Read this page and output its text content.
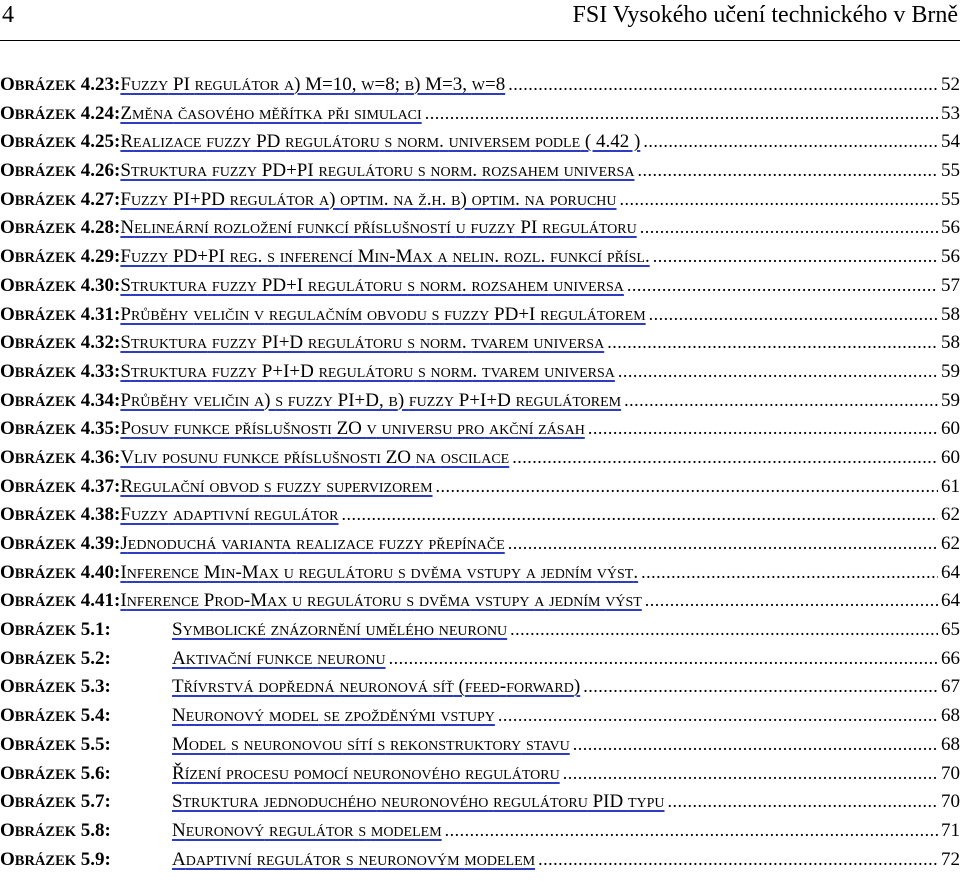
4	FSI Vysokého učení technického v Brně
OBRÁZEK 4.23: FUZZY PI REGULÁTOR A) M=10, W=8; B) M=3, W=8 .....	52
OBRÁZEK 4.24: ZMĚNA ČASOVÉHO MĚŘÍTKA PŘI SIMULACI .....	53
OBRÁZEK 4.25: REALIZACE FUZZY PD REGULÁTORU S NORM. UNIVERSEM PODLE ( 4.42 ) .....	54
OBRÁZEK 4.26: STRUKTURA FUZZY PD+PI REGULÁTORU S NORM. ROZSAHEM UNIVERSA .....	55
OBRÁZEK 4.27: FUZZY PI+PD REGULÁTOR A) OPTIM. NA Ž.H. B) OPTIM. NA PORUCHU .....	55
OBRÁZEK 4.28: NELINEÁRNÍ ROZLOŽENÍ FUNKCÍ PŘÍSLUŠNOSTÍ U FUZZY PI REGULÁTORU .....	56
OBRÁZEK 4.29: FUZZY PD+PI REG. S INFERENCÍ MIN-MAX A NELIN. ROZL. FUNKCÍ PŘÍSL. .....	56
OBRÁZEK 4.30: STRUKTURA FUZZY PD+I REGULÁTORU S NORM. ROZSAHEM UNIVERSA .....	57
OBRÁZEK 4.31: PRŮBĚHY VELIČIN V REGULAČNÍM OBVODU S FUZZY PD+I REGULÁTOREM .....	58
OBRÁZEK 4.32: STRUKTURA FUZZY PI+D REGULÁTORU S NORM. TVAREM UNIVERSA .....	58
OBRÁZEK 4.33: STRUKTURA FUZZY P+I+D REGULÁTORU S NORM. TVAREM UNIVERSA .....	59
OBRÁZEK 4.34: PRŮBĚHY VELIČIN A) S FUZZY PI+D, B) FUZZY P+I+D REGULÁTOREM .....	59
OBRÁZEK 4.35: POSUV FUNKCE PŘÍSLUŠNOSTI ZO V UNIVERSU PRO AKČNÍ ZÁSAH .....	60
OBRÁZEK 4.36: VLIV POSUNU FUNKCE PŘÍSLUŠNOSTI ZO NA OSCILACE .....	60
OBRÁZEK 4.37: REGULAČNÍ OBVOD S FUZZY SUPERVIZOREM .....	61
OBRÁZEK 4.38: FUZZY ADAPTIVNÍ REGULÁTOR .....	62
OBRÁZEK 4.39: JEDNODUCHÁ VARIANTA REALIZACE FUZZY PŘEPÍNAČE .....	62
OBRÁZEK 4.40: INFERENCE MIN-MAX U REGULÁTORU S DVĚMA VSTUPY A JEDNÍM VÝST. .....	64
OBRÁZEK 4.41: INFERENCE PROD-MAX U REGULÁTORU S DVĚMA VSTUPY A JEDNÍM VÝST .....	64
OBRÁZEK 5.1:	SYMBOLICKÉ ZNÁZORNĚNÍ UMĚLÉHO NEURONU .....	65
OBRÁZEK 5.2:	AKTIVAČNÍ FUNKCE NEURONU .....	66
OBRÁZEK 5.3:	TŘÍVRSTVÁ DOPŘEDNÁ NEURONOVÁ SÍŤ (FEED-FORWARD) .....	67
OBRÁZEK 5.4:	NEURONOVÝ MODEL SE ZPOŽDĚNÝMI VSTUPY .....	68
OBRÁZEK 5.5:	MODEL S NEURONOVOU SÍTÍ S REKONSTRUKTORY STAVU .....	68
OBRÁZEK 5.6:	ŘÍZENÍ PROCESU POMOCÍ NEURONOVÉHO REGULÁTORU .....	70
OBRÁZEK 5.7:	STRUKTURA JEDNODUCHÉHO NEURONOVÉHO REGULÁTORU PID TYPU .....	70
OBRÁZEK 5.8:	NEURONOVÝ REGULÁTOR S MODELEM .....	71
OBRÁZEK 5.9:	ADAPTIVNÍ REGULÁTOR S NEURONOVÝM MODELEM .....	72
